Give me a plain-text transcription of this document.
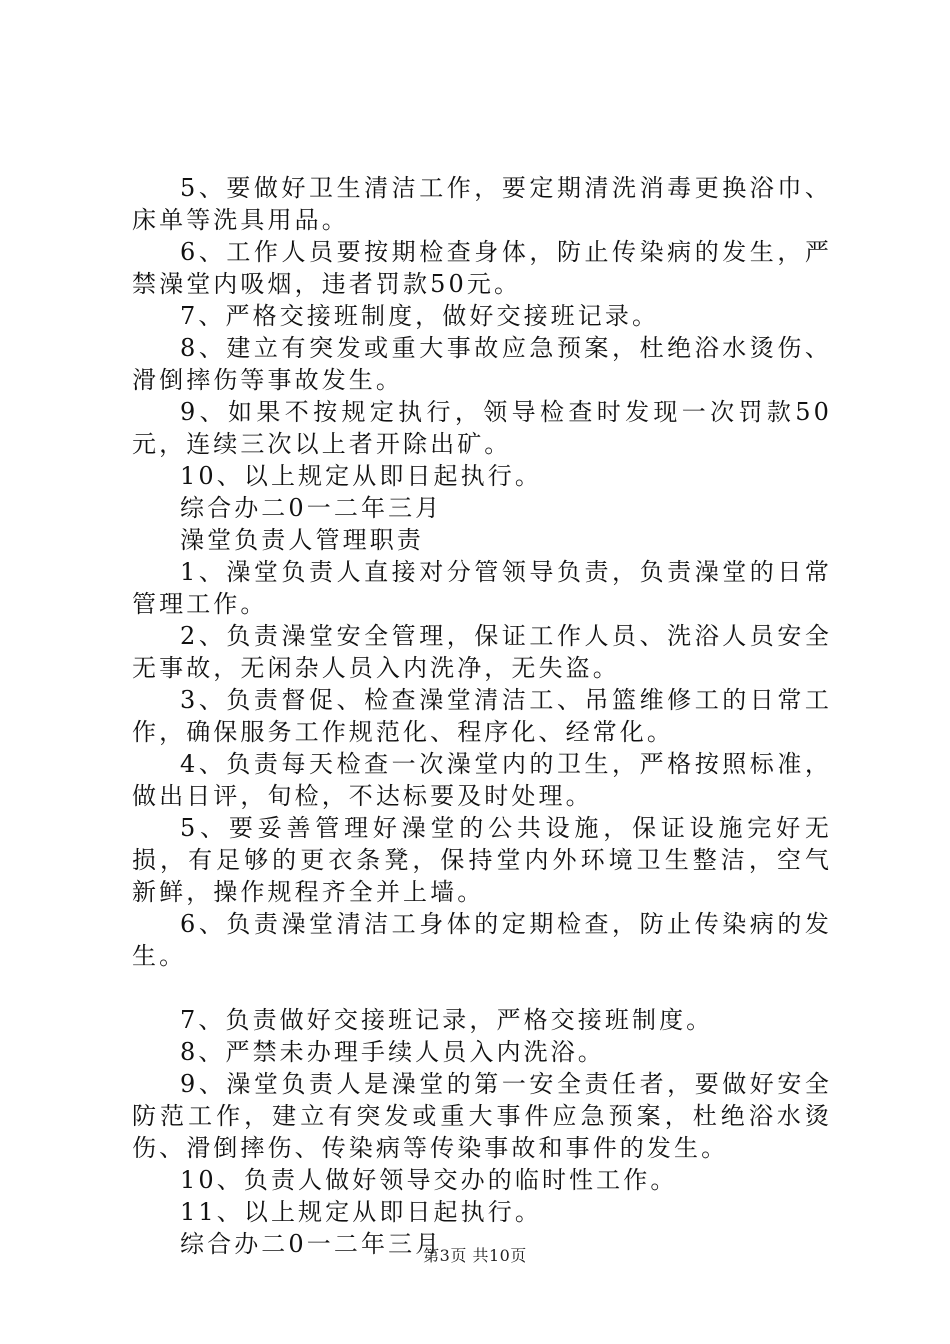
5、要做好卫生清洁工作，要定期清洗消毒更换浴巾、床单等洗具用品。

6、工作人员要按期检查身体，防止传染病的发生，严禁澡堂内吸烟，违者罚款50元。

7、严格交接班制度，做好交接班记录。

8、建立有突发或重大事故应急预案，杜绝浴水烫伤、滑倒摔伤等事故发生。

9、如果不按规定执行，领导检查时发现一次罚款50元，连续三次以上者开除出矿。

10、以上规定从即日起执行。

综合办二0一二年三月

澡堂负责人管理职责

1、澡堂负责人直接对分管领导负责，负责澡堂的日常管理工作。

2、负责澡堂安全管理，保证工作人员、洗浴人员安全无事故，无闲杂人员入内洗净，无失盗。

3、负责督促、检查澡堂清洁工、吊篮维修工的日常工作，确保服务工作规范化、程序化、经常化。

4、负责每天检查一次澡堂内的卫生，严格按照标准，做出日评，旬检，不达标要及时处理。

5、要妥善管理好澡堂的公共设施，保证设施完好无损，有足够的更衣条凳，保持堂内外环境卫生整洁，空气新鲜，操作规程齐全并上墙。

6、负责澡堂清洁工身体的定期检查，防止传染病的发生。

7、负责做好交接班记录，严格交接班制度。

8、严禁未办理手续人员入内洗浴。

9、澡堂负责人是澡堂的第一安全责任者，要做好安全防范工作，建立有突发或重大事件应急预案，杜绝浴水烫伤、滑倒摔伤、传染病等传染事故和事件的发生。

10、负责人做好领导交办的临时性工作。

11、以上规定从即日起执行。

综合办二0一二年三月

第3页 共10页
